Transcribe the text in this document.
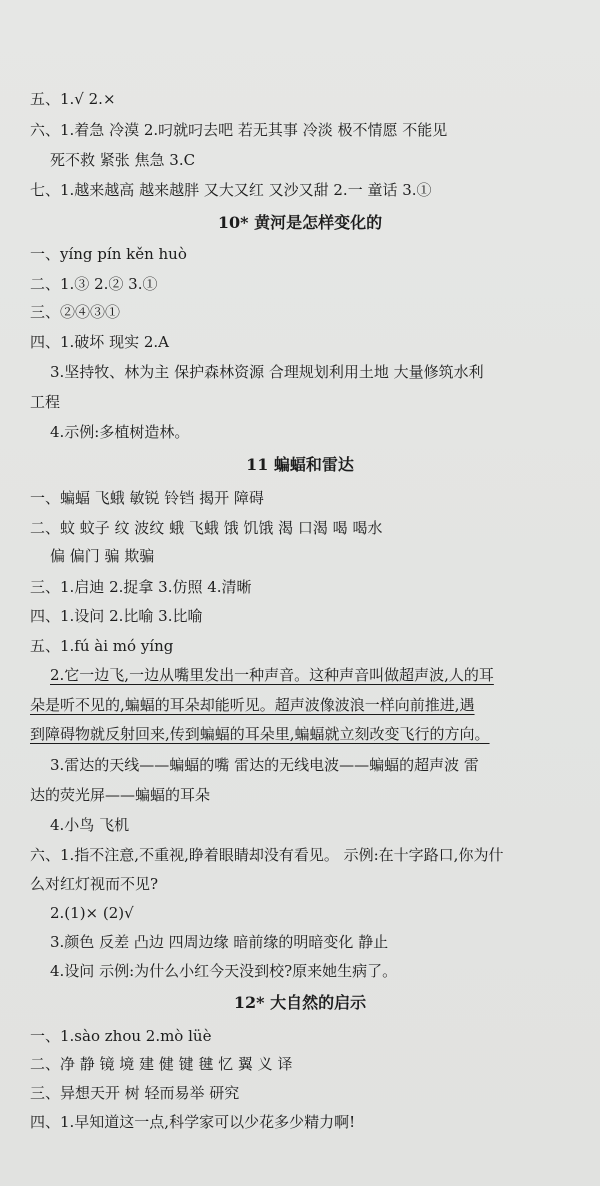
五、1.√ 2.×
六、1.着急 冷漠 2.叼就叼去吧 若无其事 冷淡 极不情愿 不能见
死不救 紧张 焦急 3.C
七、1.越来越高 越来越胖 又大又红 又沙又甜 2.一 童话 3.①
10* 黄河是怎样变化的
一、yíng pín kěn huò
二、1.③ 2.② 3.①
三、②④③①
四、1.破坏 现实 2.A
3.坚持牧、林为主 保护森林资源 合理规划利用土地 大量修筑水利
工程
4.示例:多植树造林。
11 蝙蝠和雷达
一、蝙蝠 飞蛾 敏锐 铃铛 揭开 障碍
二、蚊 蚊子 纹 波纹 蛾 飞蛾 饿 饥饿 渴 口渴 喝 喝水
偏 偏门 骗 欺骗
三、1.启迪 2.捉拿 3.仿照 4.清晰
四、1.设问 2.比喻 3.比喻
五、1.fú ài mó yíng
2.它一边飞,一边从嘴里发出一种声音。这种声音叫做超声波,人的耳
朵是听不见的,蝙蝠的耳朵却能听见。超声波像波浪一样向前推进,遇
到障碍物就反射回来,传到蝙蝠的耳朵里,蝙蝠就立刻改变飞行的方向。
3.雷达的天线——蝙蝠的嘴 雷达的无线电波——蝙蝠的超声波 雷
达的荧光屏——蝙蝠的耳朵
4.小鸟 飞机
六、1.指不注意,不重视,睁着眼睛却没有看见。 示例:在十字路口,你为什
么对红灯视而不见?
2.(1)× (2)√
3.颜色 反差 凸边 四周边缘 暗前缘的明暗变化 静止
4.设问 示例:为什么小红今天没到校?原来她生病了。
12* 大自然的启示
一、1.sào zhou 2.mò lüè
二、净 静 镜 境 建 健 键 毽 忆 翼 义 译
三、异想天开 树 轻而易举 研究
四、1.早知道这一点,科学家可以少花多少精力啊!
